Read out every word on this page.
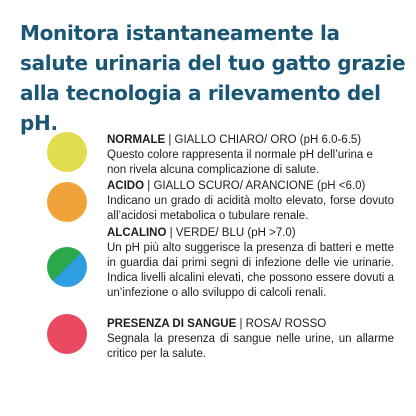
Monitora istantaneamente la salute urinaria del tuo gatto grazie alla tecnologia a rilevamento del pH.
NORMALE | GIALLO CHIARO/ ORO (pH 6.0-6.5)
Questo colore rappresenta il normale pH dell’urina e non rivela alcuna complicazione di salute.
ACIDO | GIALLO SCURO/ ARANCIONE (pH <6.0)
Indicano un grado di acidità molto elevato, forse dovuto all’acidosi metabolica o tubulare renale.
ALCALINO | VERDE/ BLU (pH >7.0)
Un pH più alto suggerisce la presenza di batteri e mette in guardia dai primi segni di infezione delle vie urinarie. Indica livelli alcalini elevati, che possono essere dovuti a un’infezione o allo sviluppo di calcoli renali.
PRESENZA DI SANGUE | ROSA/ ROSSO
Segnala la presenza di sangue nelle urine, un allarme critico per la salute.
